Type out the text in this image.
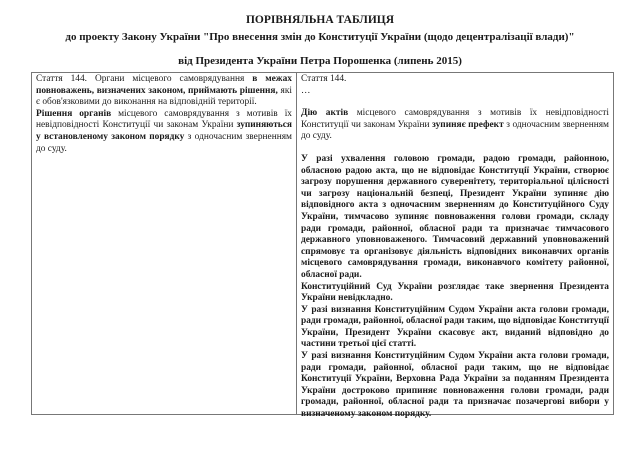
ПОРІВНЯЛЬНА ТАБЛИЦЯ
до проекту Закону України "Про внесення змін до Конституції України (щодо децентралізації влади)"
від Президента України Петра Порошенка (липень 2015)

Стаття 144. Органи місцевого самоврядування в межах повноважень, визначених законом, приймають рішення, які є обов'язковими до виконання на відповідній території.

Рішення органів місцевого самоврядування з мотивів їх невідповідності Конституції чи законам України зупиняються у встановленому законом порядку з одночасним зверненням до суду.

Стаття 144.

…

Дію актів місцевого самоврядування з мотивів їх невідповідності Конституції чи законам України зупиняє префект з одночасним зверненням до суду.

У разі ухвалення головою громади, радою громади, районною, обласною радою акта, що не відповідає Конституції України, створює загрозу порушення державного суверенітету, територіальної цілісності чи загрозу національній безпеці, Президент України зупиняє дію відповідного акта з одночасним зверненням до Конституційного Суду України, тимчасово зупиняє повноваження голови громади, складу ради громади, районної, обласної ради та призначає тимчасового державного уповноваженого. Тимчасовий державний уповноважений спрямовує та організовує діяльність відповідних виконавчих органів місцевого самоврядування громади, виконавчого комітету районної, обласної ради.

Конституційний Суд України розглядає таке звернення Президента України невідкладно.

У разі визнання Конституційним Судом України акта голови громади, ради громади, районної, обласної ради таким, що відповідає Конституції України, Президент України скасовує акт, виданий відповідно до частини третьої цієї статті.

У разі визнання Конституційним Судом України акта голови громади, ради громади, районної, обласної ради таким, що не відповідає Конституції України, Верховна Рада України за поданням Президента України достроково припиняє повноваження голови громади, ради громади, районної, обласної ради та призначає позачергові вибори у визначеному законом порядку.
